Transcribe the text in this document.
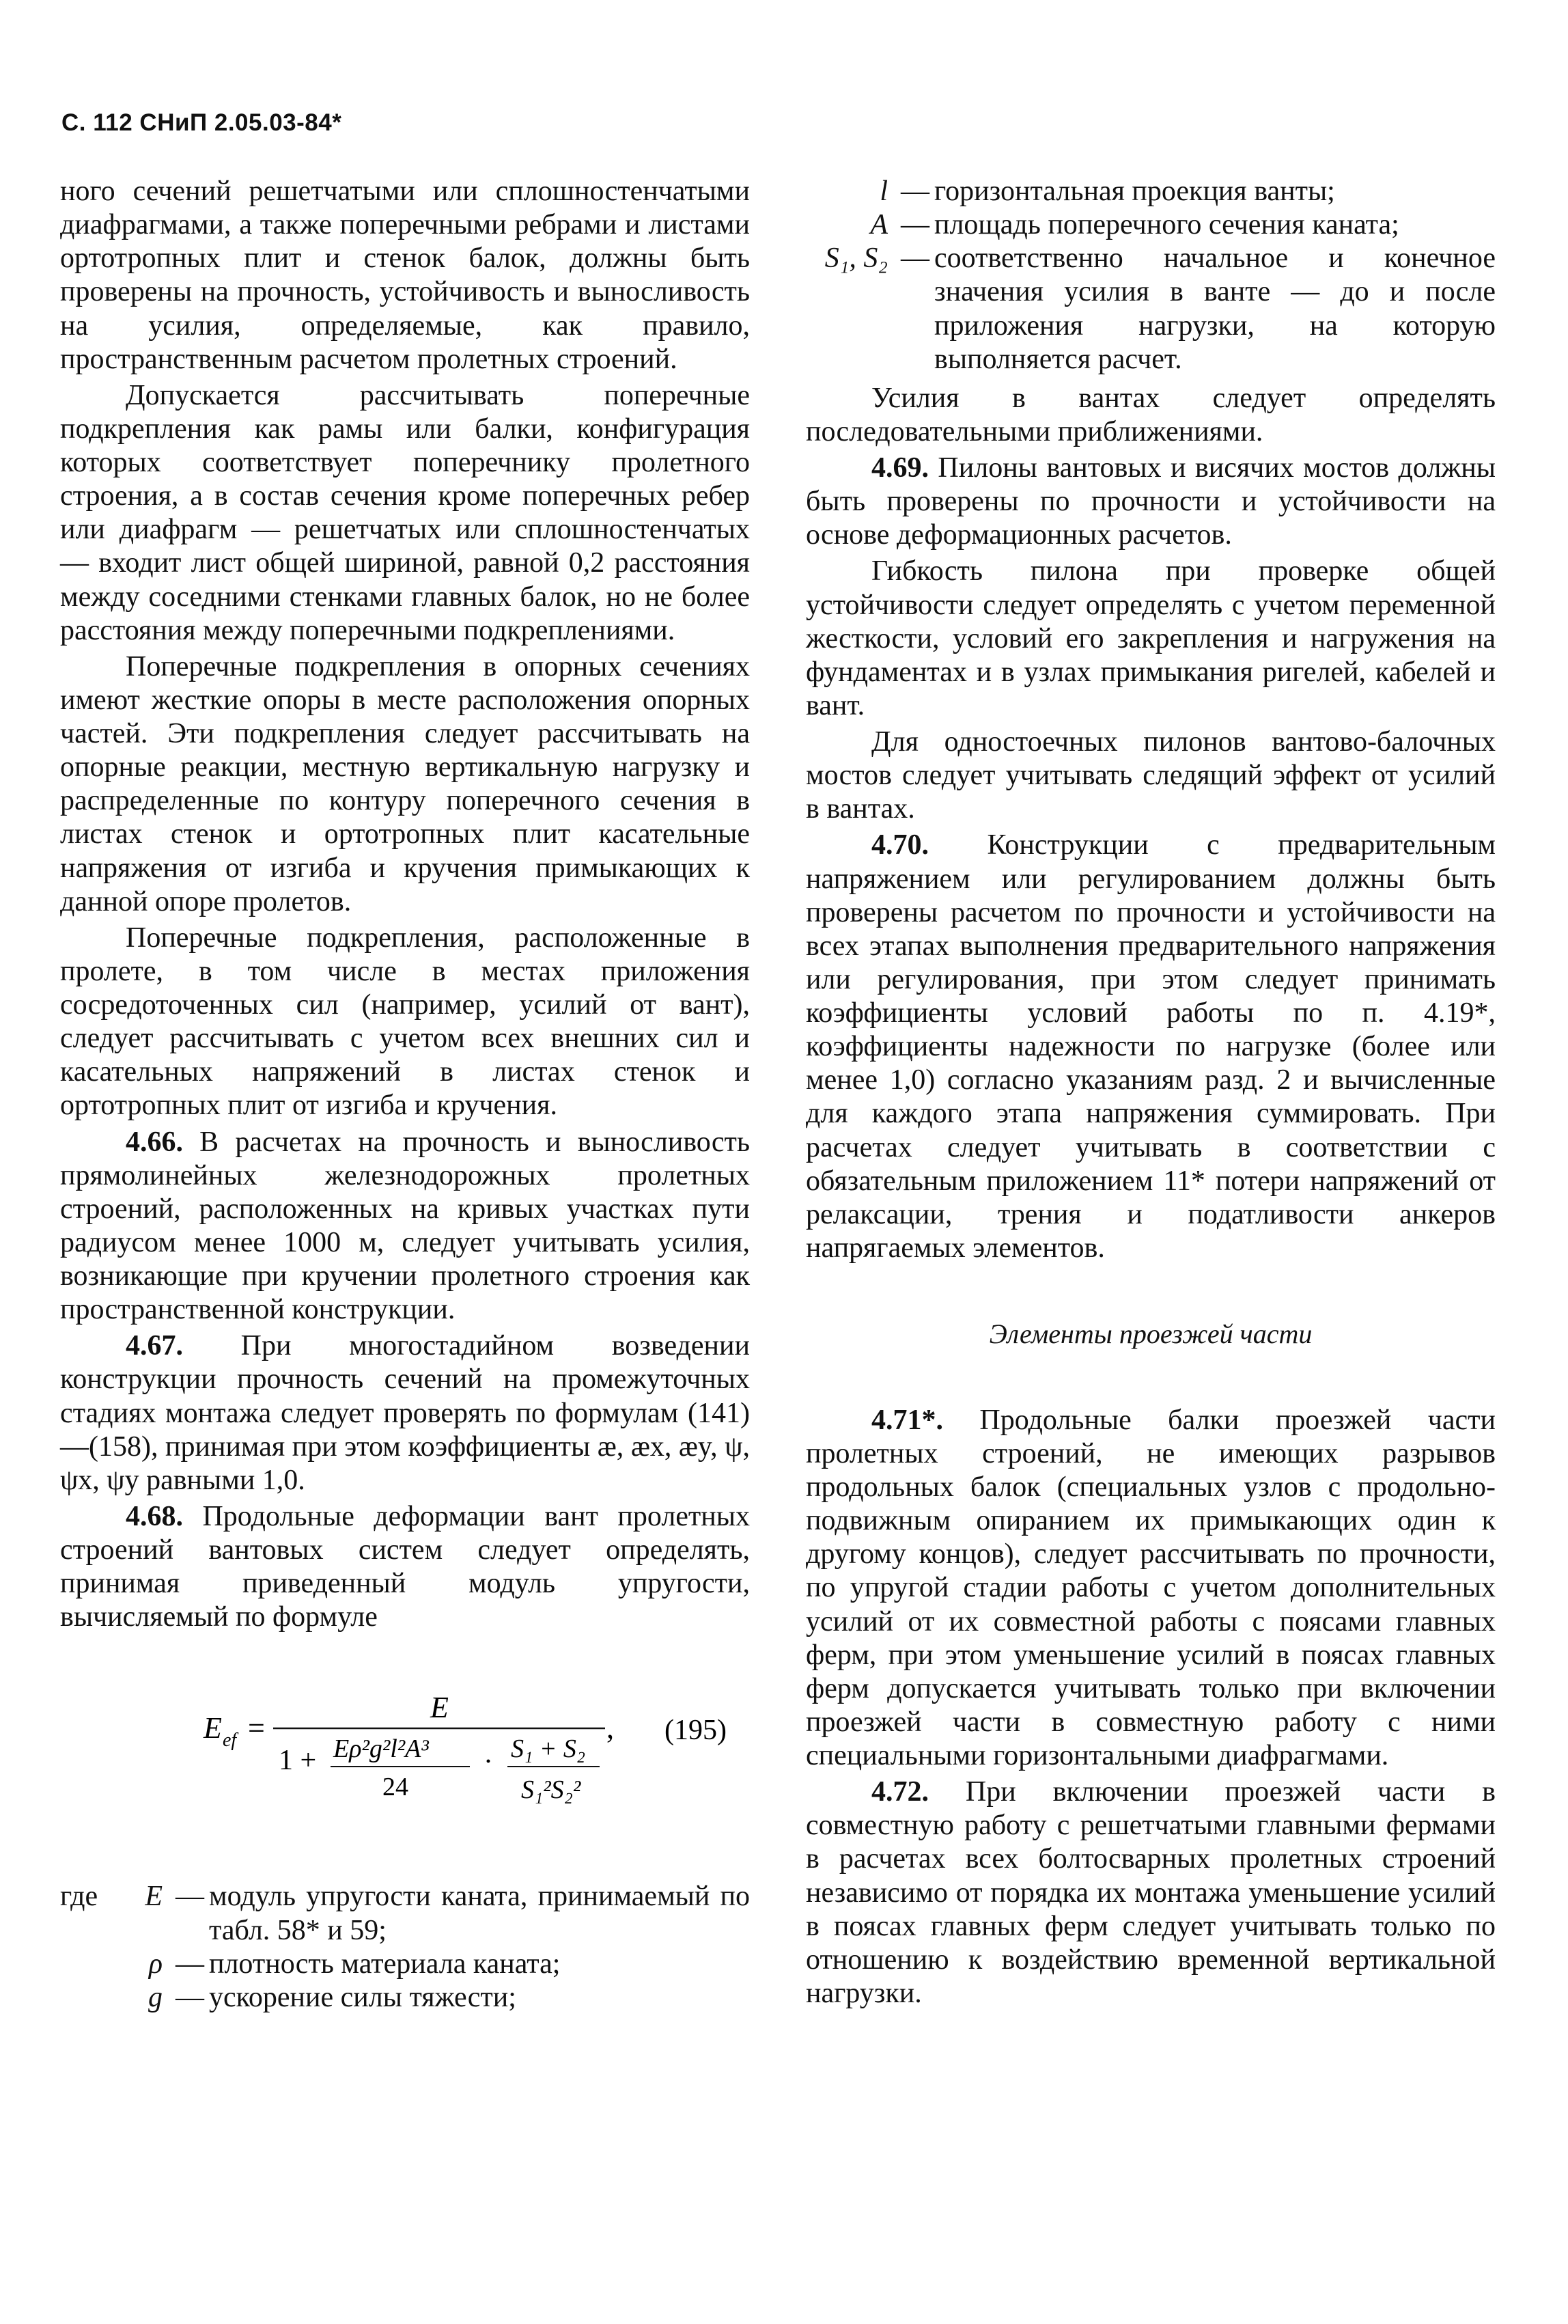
С. 112 СНиП 2.05.03-84*

ного сечений решетчатыми или сплошностенчатыми диафрагмами, а также поперечными ребрами и листами ортотропных плит и стенок балок, должны быть проверены на прочность, устойчивость и выносливость на усилия, определяемые, как правило, пространственным расчетом пролетных строений.

Допускается рассчитывать поперечные подкрепления как рамы или балки, конфигурация которых соответствует поперечнику пролетного строения, а в состав сечения кроме поперечных ребер или диафрагм — решетчатых или сплошностенчатых — входит лист общей шириной, равной 0,2 расстояния между соседними стенками главных балок, но не более расстояния между поперечными подкреплениями.

Поперечные подкрепления в опорных сечениях имеют жесткие опоры в месте расположения опорных частей. Эти подкрепления следует рассчитывать на опорные реакции, местную вертикальную нагрузку и распределенные по контуру поперечного сечения в листах стенок и ортотропных плит касательные напряжения от изгиба и кручения примыкающих к данной опоре пролетов.

Поперечные подкрепления, расположенные в пролете, в том числе в местах приложения сосредоточенных сил (например, усилий от вант), следует рассчитывать с учетом всех внешних сил и касательных напряжений в листах стенок и ортотропных плит от изгиба и кручения.

4.66. В расчетах на прочность и выносливость прямолинейных железнодорожных пролетных строений, расположенных на кривых участках пути радиусом менее 1000 м, следует учитывать усилия, возникающие при кручении пролетного строения как пространственной конструкции.

4.67. При многостадийном возведении конструкции прочность сечений на промежуточных стадиях монтажа следует проверять по формулам (141) —(158), принимая при этом коэффициенты æ, æx, æy, ψ, ψx, ψy равными 1,0.

4.68. Продольные деформации вант пролетных строений вантовых систем следует определять, принимая приведенный модуль упругости, вычисляемый по формуле

E ef =
E
1 + Eρ²g²l²A³
24
· S₁ + S₂
S₁²S₂²
, (195)
где	E — модуль упругости каната, принимаемый по табл. 58* и 59;
ρ — плотность материала каната;
g — ускорение силы тяжести;
l — горизонтальная проекция ванты;
A — площадь поперечного сечения каната;
S₁, S₂ — соответственно начальное и конечное значения усилия в ванте — до и после приложения нагрузки, на которую выполняется расчет.

Усилия в вантах следует определять последовательными приближениями.

4.69. Пилоны вантовых и висячих мостов должны быть проверены по прочности и устойчивости на основе деформационных расчетов.

Гибкость пилона при проверке общей устойчивости следует определять с учетом переменной жесткости, условий его закрепления и нагружения на фундаментах и в узлах примыкания ригелей, кабелей и вант.

Для одностоечных пилонов вантово-балочных мостов следует учитывать следящий эффект от усилий в вантах.

4.70. Конструкции с предварительным напряжением или регулированием должны быть проверены расчетом по прочности и устойчивости на всех этапах выполнения предварительного напряжения или регулирования, при этом следует принимать коэффициенты условий работы по п. 4.19*, коэффициенты надежности по нагрузке (более или менее 1,0) согласно указаниям разд. 2 и вычисленные для каждого этапа напряжения суммировать. При расчетах следует учитывать в соответствии с обязательным приложением 11* потери напряжений от релаксации, трения и податливости анкеров напрягаемых элементов.

Элементы проезжей части

4.71*. Продольные балки проезжей части пролетных строений, не имеющих разрывов продольных балок (специальных узлов с продольно-подвижным опиранием их примыкающих один к другому концов), следует рассчитывать по прочности, по упругой стадии работы с учетом дополнительных усилий от их совместной работы с поясами главных ферм, при этом уменьшение усилий в поясах главных ферм допускается учитывать только при включении проезжей части в совместную работу с ними специальными горизонтальными диафрагмами.

4.72. При включении проезжей части в совместную работу с решетчатыми главными фермами в расчетах всех болтосварных пролетных строений независимо от порядка их монтажа уменьшение усилий в поясах главных ферм следует учитывать только по отношению к воздействию временной вертикальной нагрузки.
